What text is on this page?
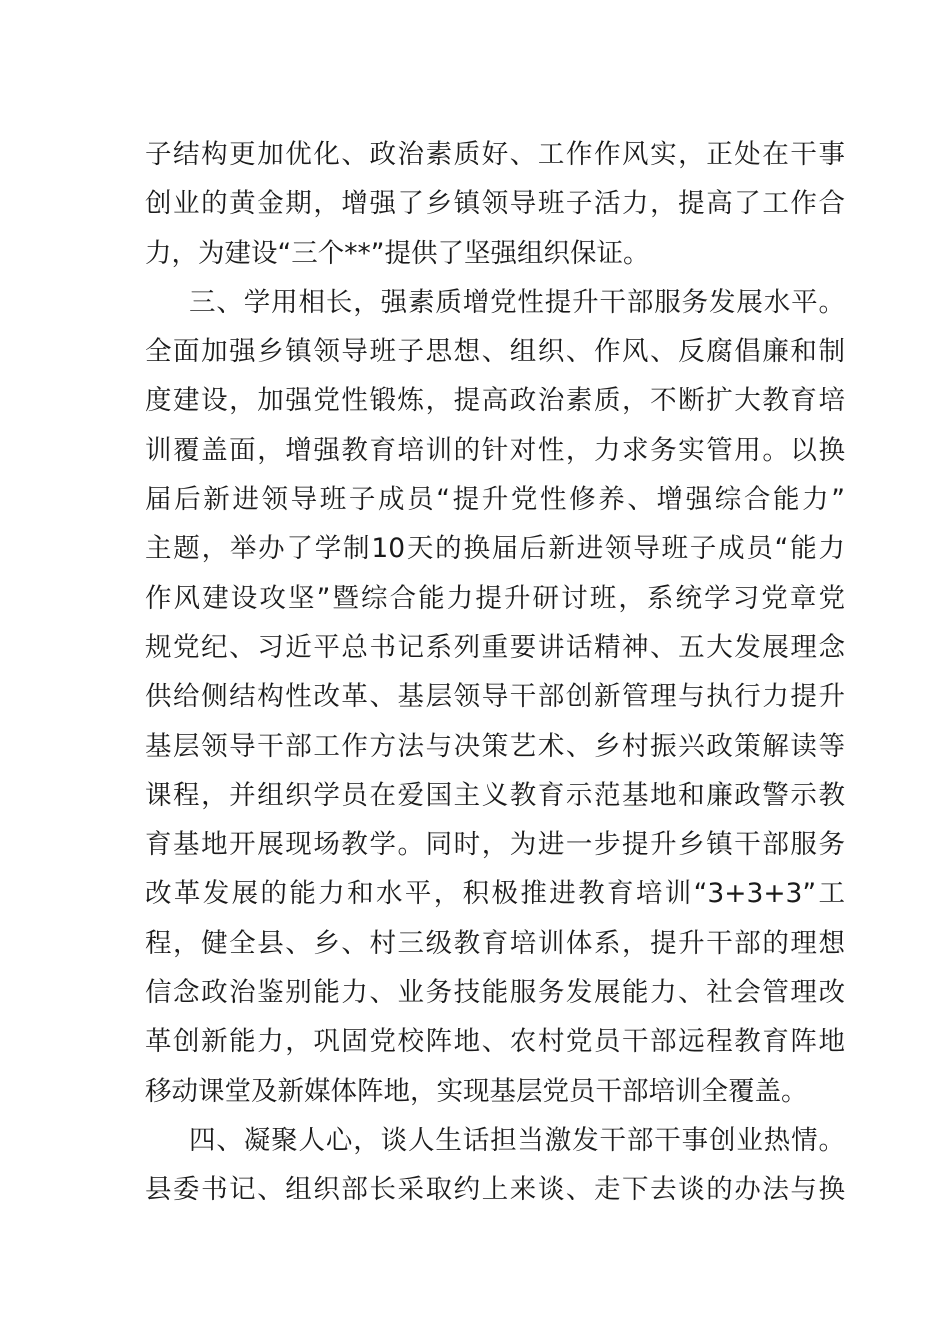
子结构更加优化、政治素质好、工作作风实，正处在干事
创业的黄金期，增强了乡镇领导班子活力，提高了工作合
力，为建设“三个**”提供了坚强组织保证。
三、学用相长，强素质增党性提升干部服务发展水平。
全面加强乡镇领导班子思想、组织、作风、反腐倡廉和制
度建设，加强党性锻炼，提高政治素质，不断扩大教育培
训覆盖面，增强教育培训的针对性，力求务实管用。以换
届后新进领导班子成员“提升党性修养、增强综合能力”
主题，举办了学制10天的换届后新进领导班子成员“能力
作风建设攻坚”暨综合能力提升研讨班，系统学习党章党
规党纪、习近平总书记系列重要讲话精神、五大发展理念
供给侧结构性改革、基层领导干部创新管理与执行力提升
基层领导干部工作方法与决策艺术、乡村振兴政策解读等
课程，并组织学员在爱国主义教育示范基地和廉政警示教
育基地开展现场教学。同时，为进一步提升乡镇干部服务
改革发展的能力和水平，积极推进教育培训“3+3+3”工
程，健全县、乡、村三级教育培训体系，提升干部的理想
信念政治鉴别能力、业务技能服务发展能力、社会管理改
革创新能力，巩固党校阵地、农村党员干部远程教育阵地
移动课堂及新媒体阵地，实现基层党员干部培训全覆盖。
四、凝聚人心，谈人生话担当激发干部干事创业热情。
县委书记、组织部长采取约上来谈、走下去谈的办法与换
